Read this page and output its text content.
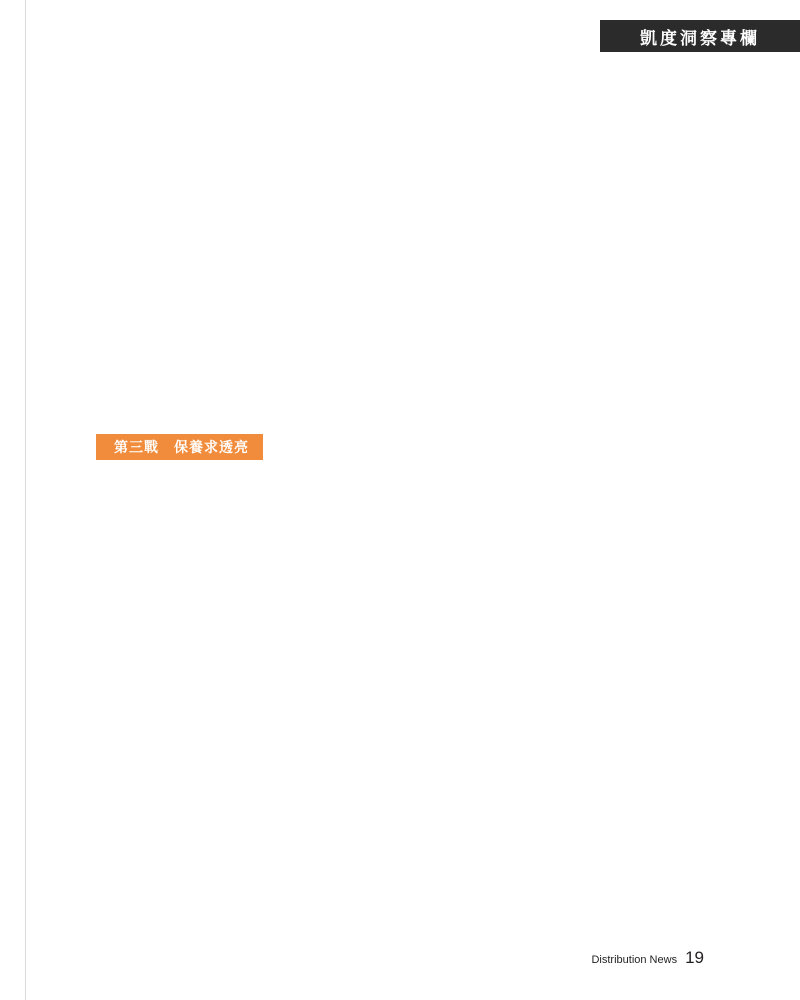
凱度洞察專欄
第三戰　保養求透亮
Distribution News 19
